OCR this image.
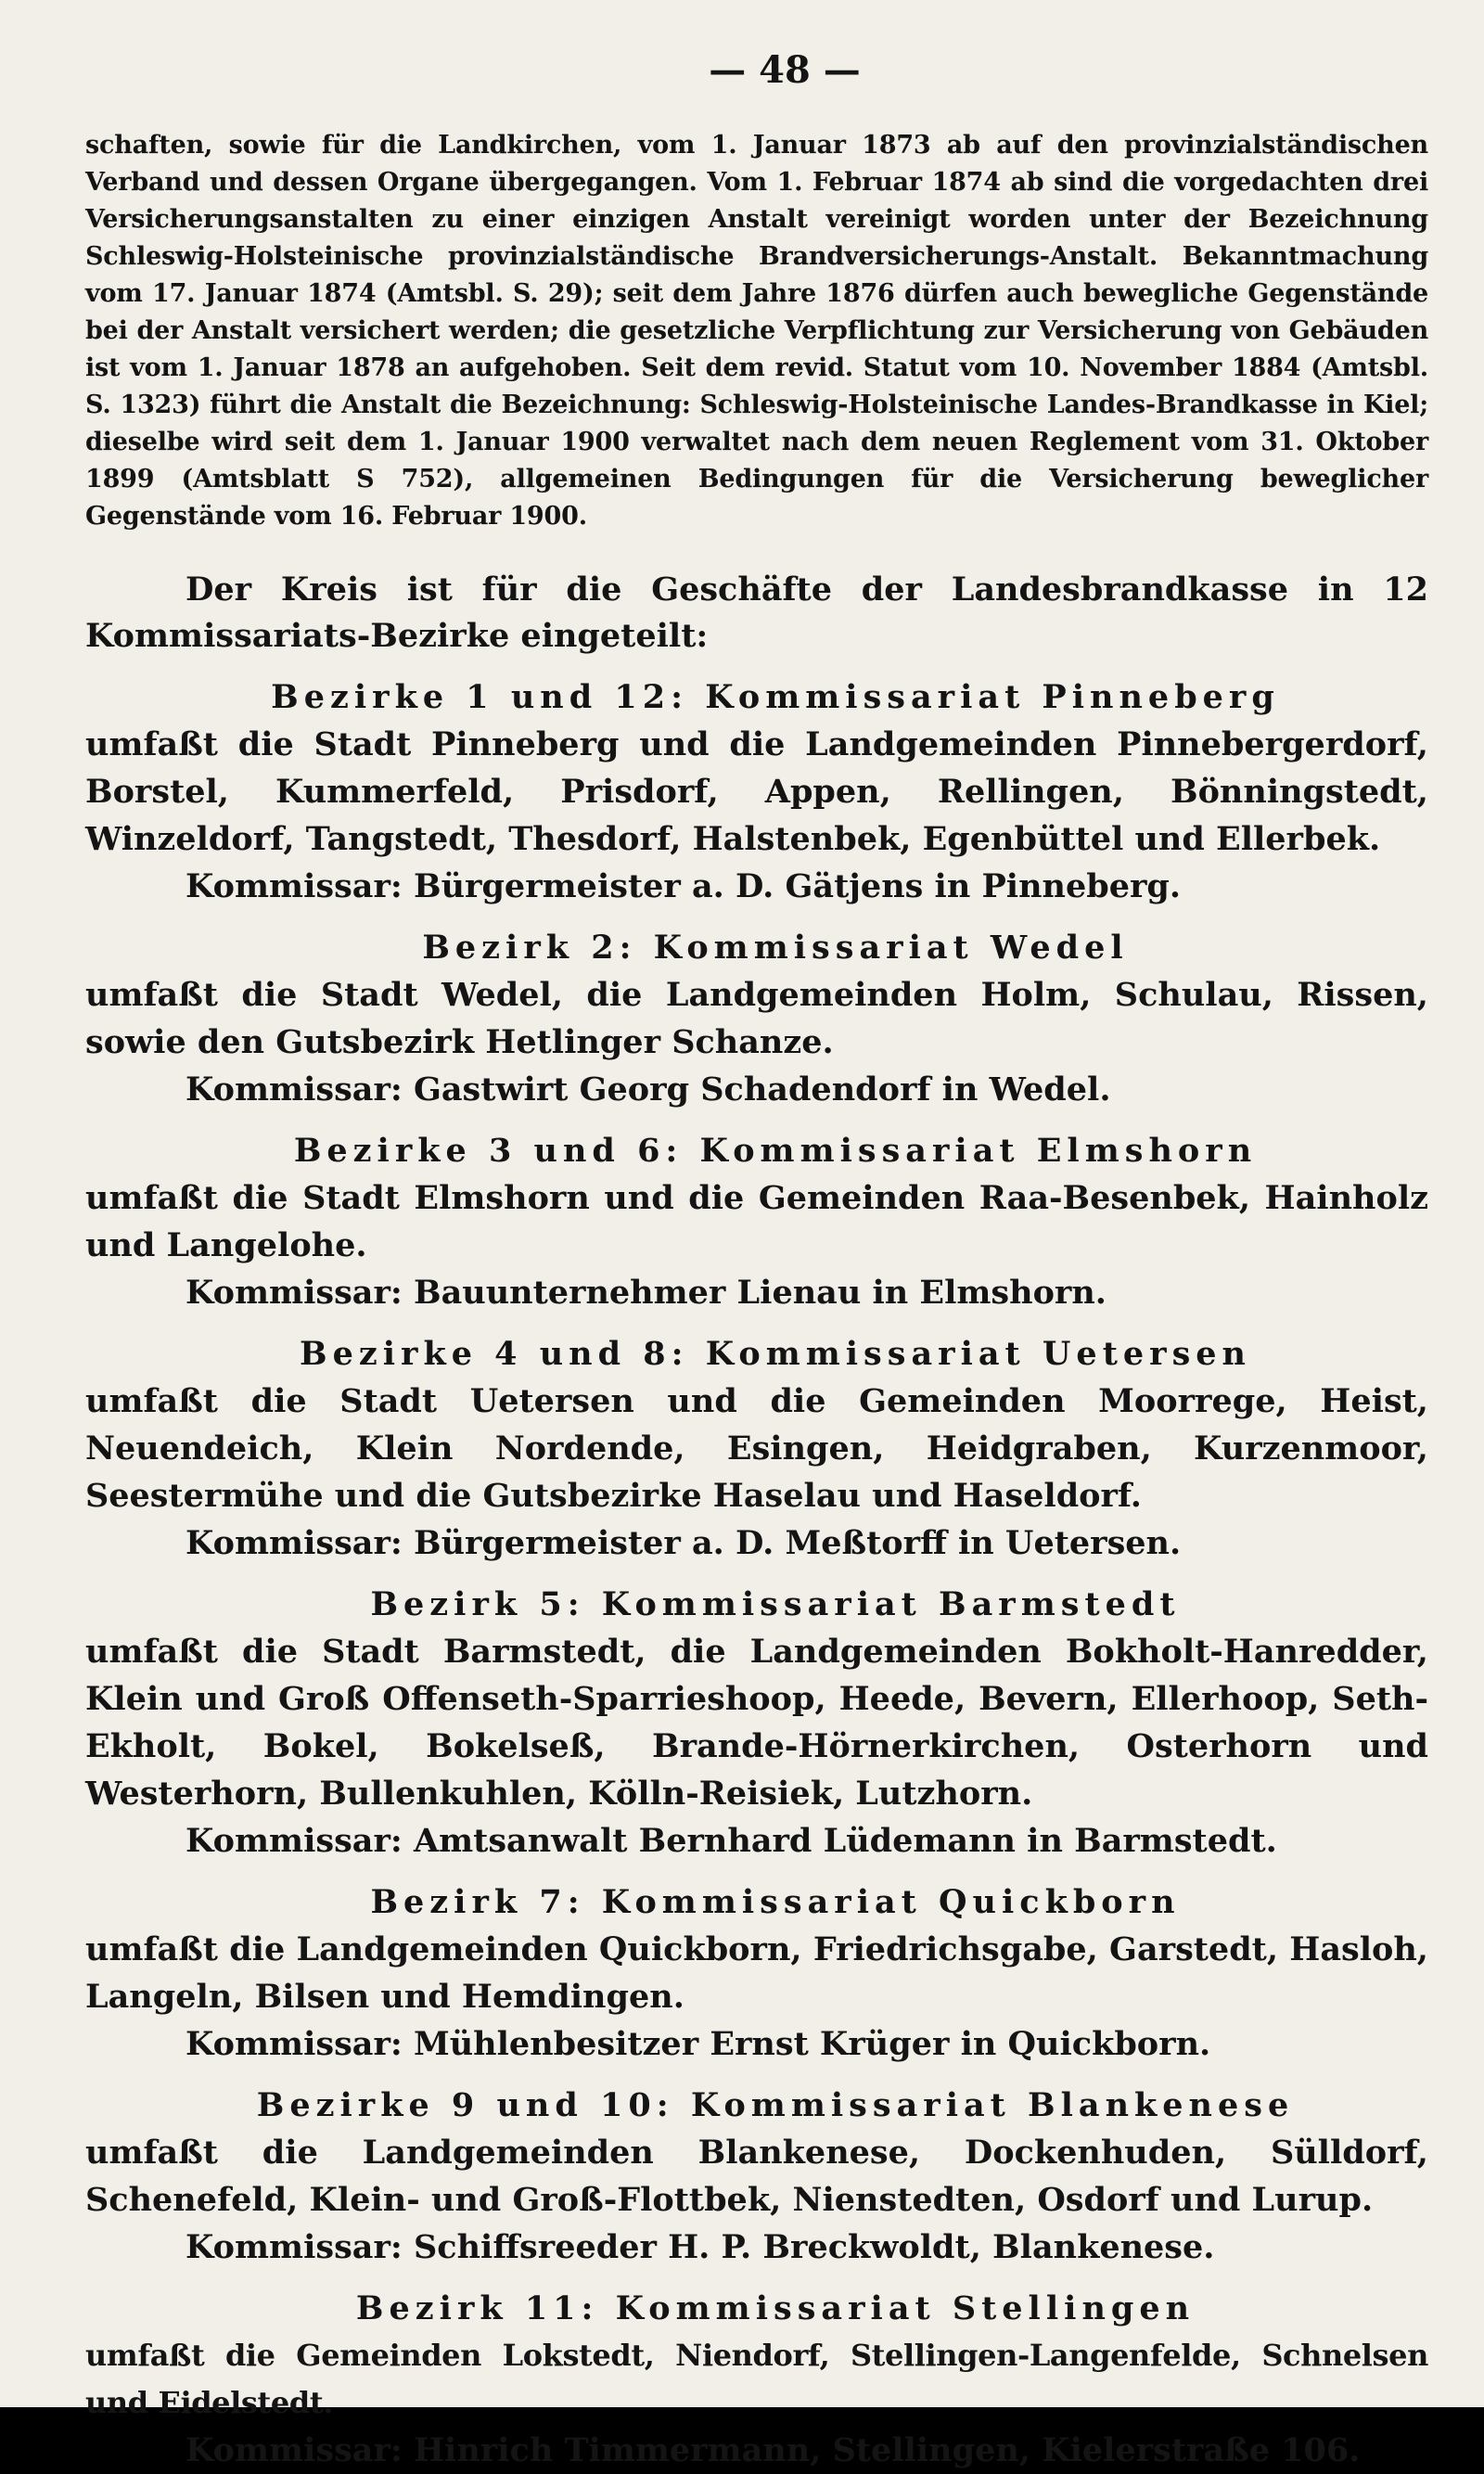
— 48 —

schaften, sowie für die Landkirchen, vom 1. Januar 1873 ab auf den provinzialständischen Verband und dessen Organe übergegangen. Vom 1. Februar 1874 ab sind die vorgedachten drei Versicherungsanstalten zu einer einzigen Anstalt vereinigt worden unter der Bezeichnung Schleswig-Holsteinische provinzialständische Brandversicherungs-Anstalt. Bekanntmachung vom 17. Januar 1874 (Amtsbl. S. 29); seit dem Jahre 1876 dürfen auch bewegliche Gegenstände bei der Anstalt versichert werden; die gesetzliche Verpflichtung zur Versicherung von Gebäuden ist vom 1. Januar 1878 an aufgehoben. Seit dem revid. Statut vom 10. November 1884 (Amtsbl. S. 1323) führt die Anstalt die Bezeichnung: Schleswig-Holsteinische Landes-Brandkasse in Kiel; dieselbe wird seit dem 1. Januar 1900 verwaltet nach dem neuen Reglement vom 31. Oktober 1899 (Amtsblatt S 752), allgemeinen Bedingungen für die Versicherung beweglicher Gegenstände vom 16. Februar 1900.

Der Kreis ist für die Geschäfte der Landesbrandkasse in 12 Kommissariats-Bezirke eingeteilt:

Bezirke 1 und 12: Kommissariat Pinneberg

umfaßt die Stadt Pinneberg und die Landgemeinden Pinnebergerdorf, Borstel, Kummerfeld, Prisdorf, Appen, Rellingen, Bönningstedt, Winzeldorf, Tangstedt, Thesdorf, Halstenbek, Egenbüttel und Ellerbek.

Kommissar: Bürgermeister a. D. Gätjens in Pinneberg.

Bezirk 2: Kommissariat Wedel

umfaßt die Stadt Wedel, die Landgemeinden Holm, Schulau, Rissen, sowie den Gutsbezirk Hetlinger Schanze.

Kommissar: Gastwirt Georg Schadendorf in Wedel.

Bezirke 3 und 6: Kommissariat Elmshorn

umfaßt die Stadt Elmshorn und die Gemeinden Raa-Besenbek, Hainholz und Langelohe.

Kommissar: Bauunternehmer Lienau in Elmshorn.

Bezirke 4 und 8: Kommissariat Uetersen

umfaßt die Stadt Uetersen und die Gemeinden Moorrege, Heist, Neuendeich, Klein Nordende, Esingen, Heidgraben, Kurzenmoor, Seestermühe und die Gutsbezirke Haselau und Haseldorf.

Kommissar: Bürgermeister a. D. Meßtorff in Uetersen.

Bezirk 5: Kommissariat Barmstedt

umfaßt die Stadt Barmstedt, die Landgemeinden Bokholt-Hanredder, Klein und Groß Offenseth-Sparrieshoop, Heede, Bevern, Ellerhoop, Seth-Ekholt, Bokel, Bokelseß, Brande-Hörnerkirchen, Osterhorn und Westerhorn, Bullenkuhlen, Kölln-Reisiek, Lutzhorn.

Kommissar: Amtsanwalt Bernhard Lüdemann in Barmstedt.

Bezirk 7: Kommissariat Quickborn

umfaßt die Landgemeinden Quickborn, Friedrichsgabe, Garstedt, Hasloh, Langeln, Bilsen und Hemdingen.

Kommissar: Mühlenbesitzer Ernst Krüger in Quickborn.

Bezirke 9 und 10: Kommissariat Blankenese

umfaßt die Landgemeinden Blankenese, Dockenhuden, Sülldorf, Schenefeld, Klein- und Groß-Flottbek, Nienstedten, Osdorf und Lurup.

Kommissar: Schiffsreeder H. P. Breckwoldt, Blankenese.

Bezirk 11: Kommissariat Stellingen

umfaßt die Gemeinden Lokstedt, Niendorf, Stellingen-Langenfelde, Schnelsen und Eidelstedt.

Kommissar: Hinrich Timmermann, Stellingen, Kielerstraße 106.
